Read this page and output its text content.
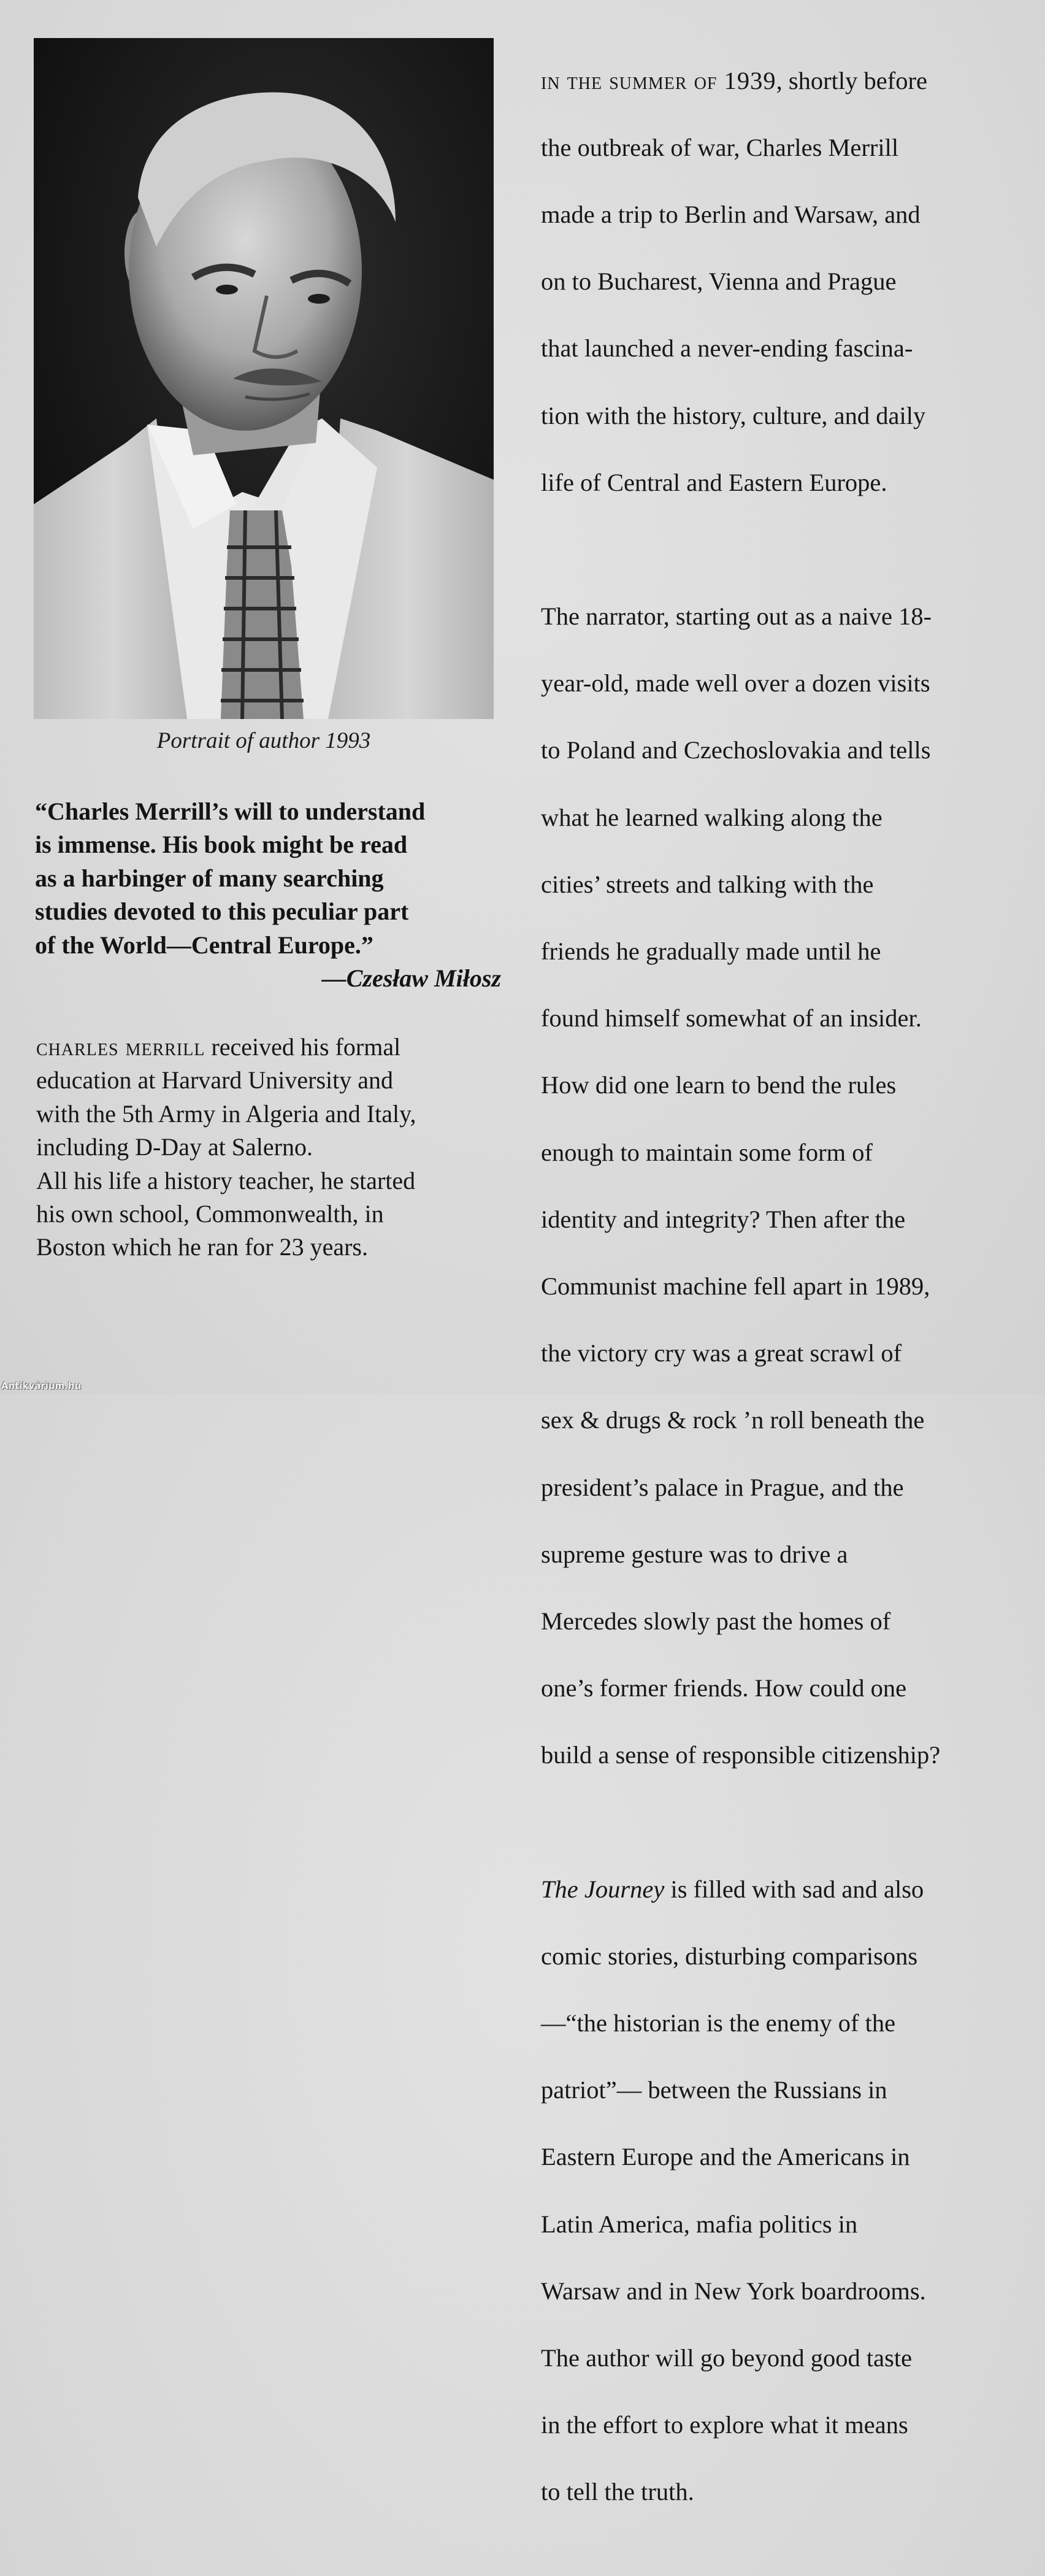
Portrait of author 1993

“Charles Merrill’s will to understand
is immense. His book might be read
as a harbinger of many searching
studies devoted to this peculiar part
of the World—Central Europe.”

—Czesław Miłosz

charles merrill received his formal
education at Harvard University and
with the 5th Army in Algeria and Italy,
including D-Day at Salerno.
All his life a history teacher, he started
his own school, Commonwealth, in
Boston which he ran for 23 years.

in the summer of 1939, shortly before

the outbreak of war, Charles Merrill

made a trip to Berlin and Warsaw, and

on to Bucharest, Vienna and Prague

that launched a never-ending fascina-

tion with the history, culture, and daily

life of Central and Eastern Europe.

The narrator, starting out as a naive 18-

year-old, made well over a dozen visits

to Poland and Czechoslovakia and tells

what he learned walking along the

cities’ streets and talking with the

friends he gradually made until he

found himself somewhat of an insider.

How did one learn to bend the rules

enough to maintain some form of

identity and integrity? Then after the

Communist machine fell apart in 1989,

the victory cry was a great scrawl of

sex & drugs & rock ’n roll beneath the

president’s palace in Prague, and the

supreme gesture was to drive a

Mercedes slowly past the homes of

one’s former friends. How could one

build a sense of responsible citizenship?

The Journey is filled with sad and also

comic stories, disturbing comparisons

—“the historian is the enemy of the

patriot”— between the Russians in

Eastern Europe and the Americans in

Latin America, mafia politics in

Warsaw and in New York boardrooms.

The author will go beyond good taste

in the effort to explore what it means

to tell the truth.

Antikvárium.hu
